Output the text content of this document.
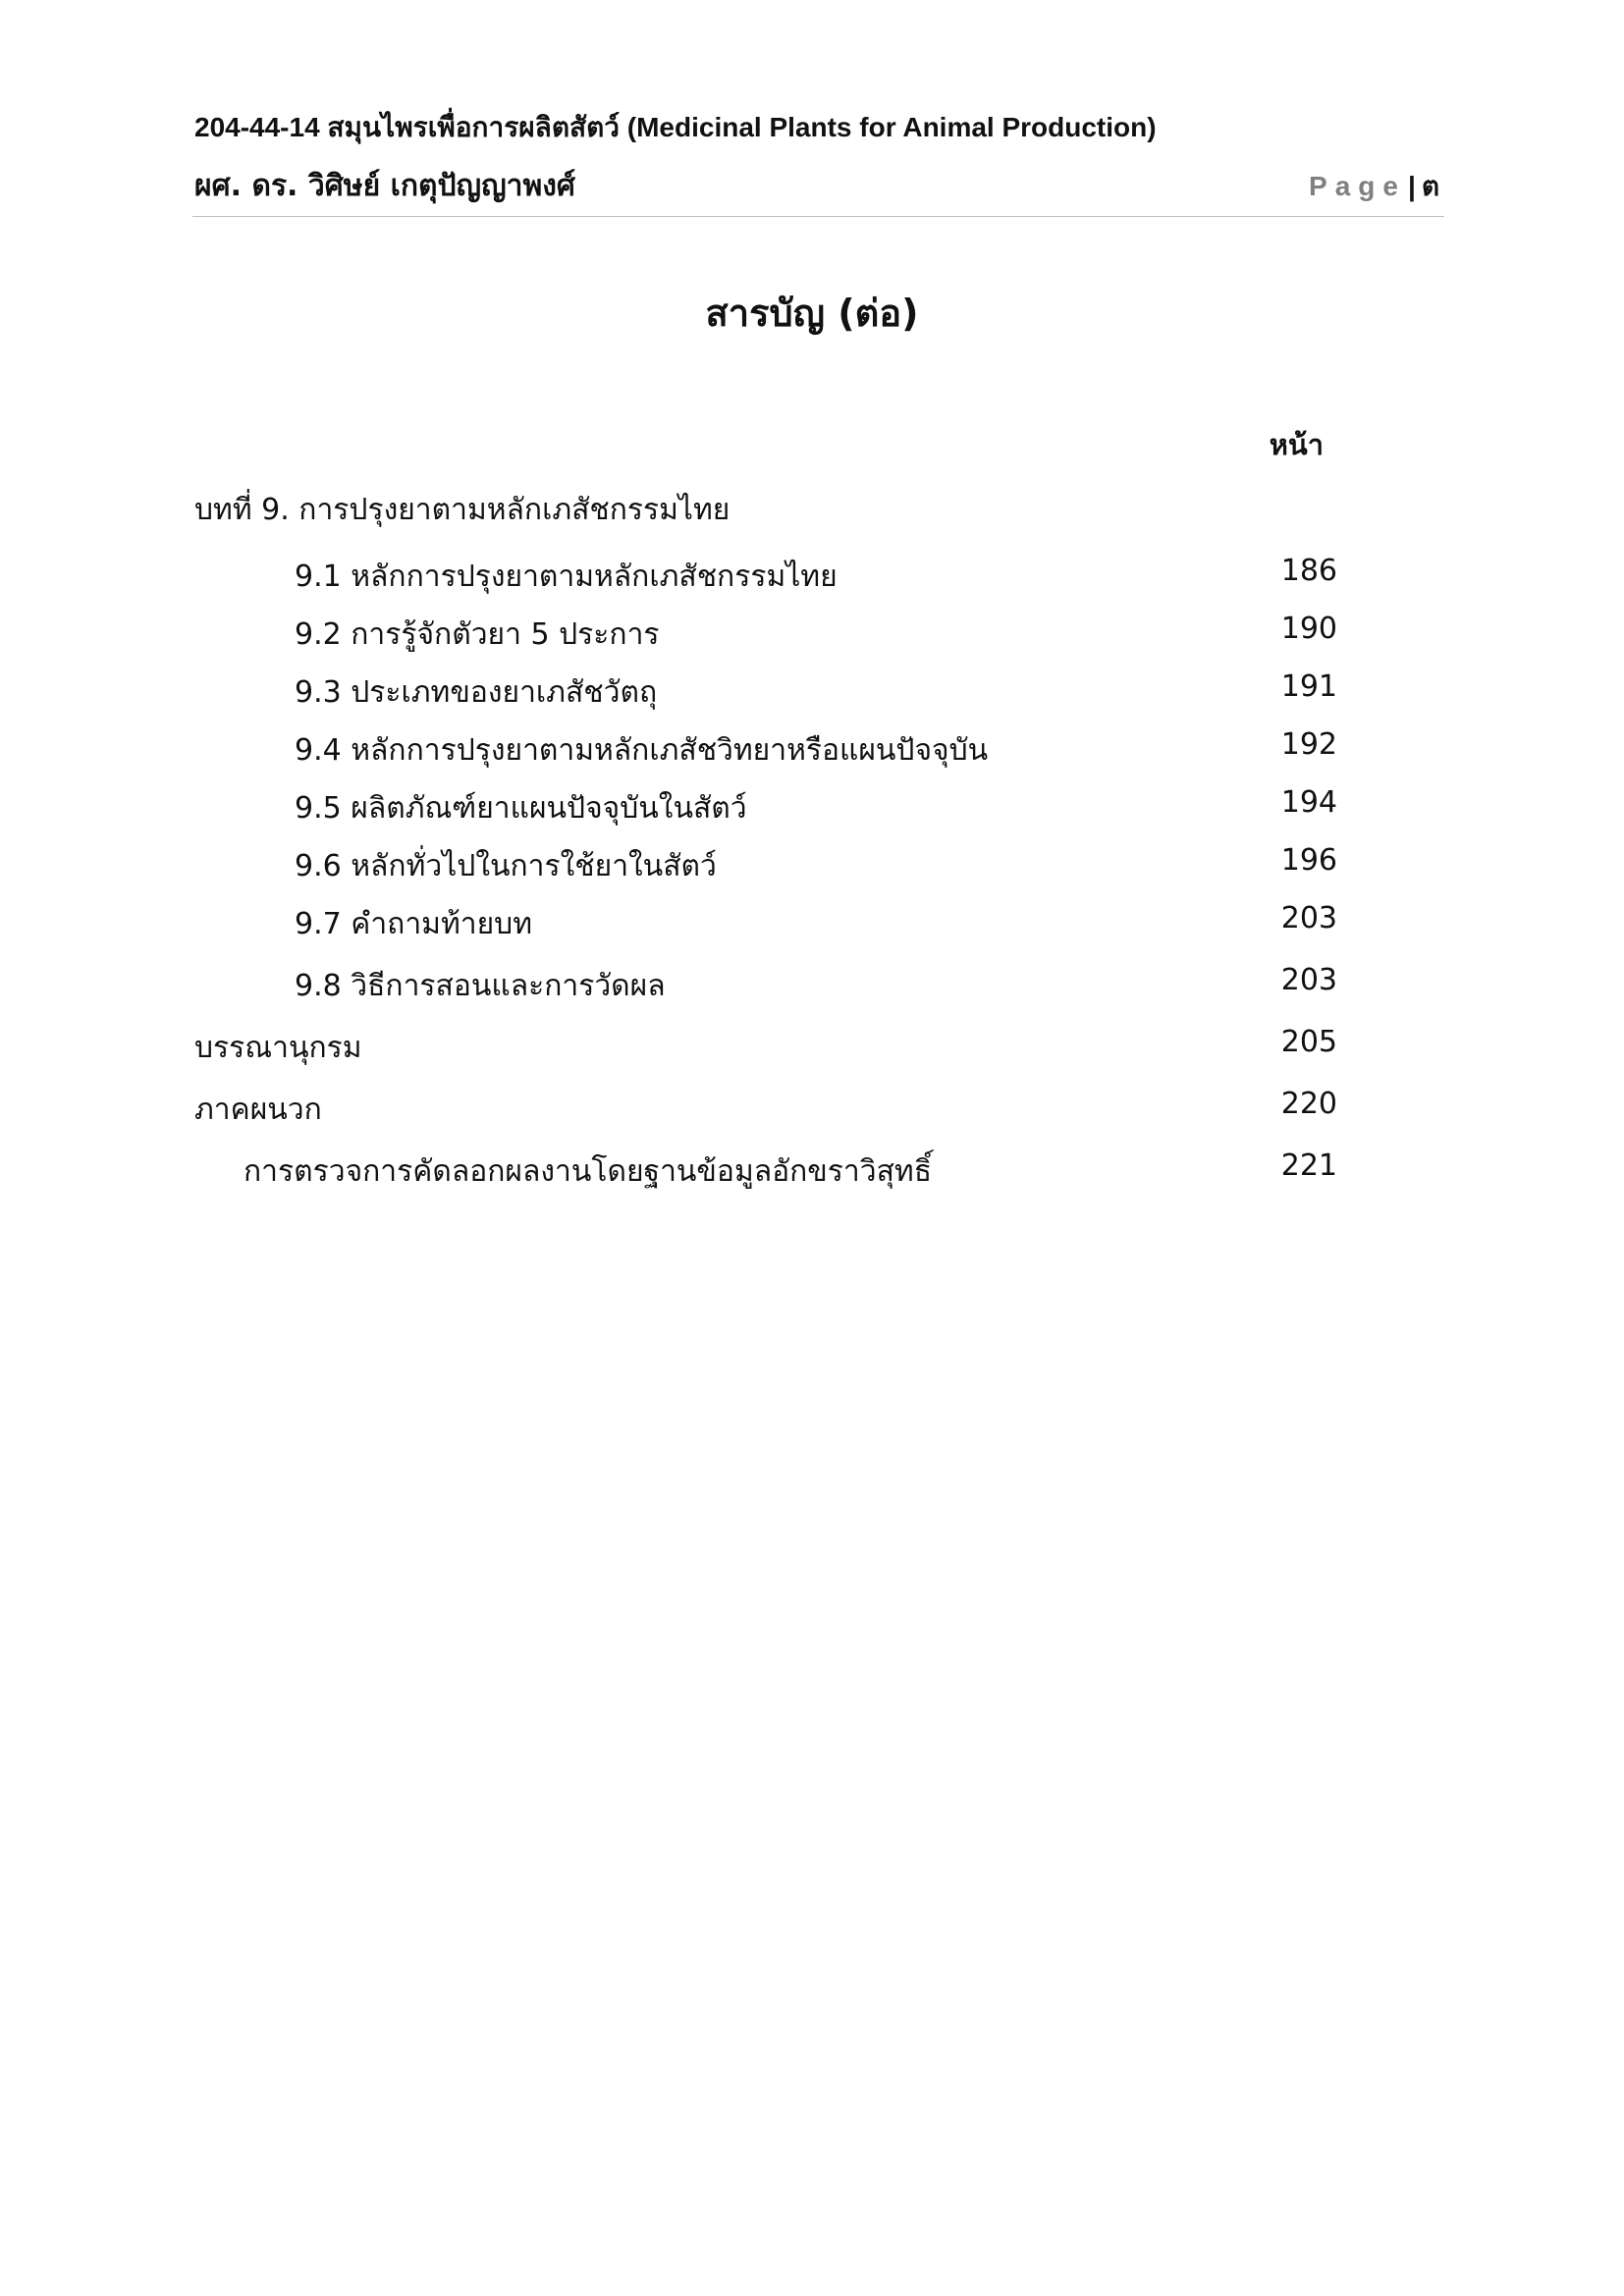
204-44-14 สมุนไพรเพื่อการผลิตสัตว์ (Medicinal Plants for Animal Production)
ผศ. ดร. วิศิษย์ เกตุปัญญาพงศ์	Page| ต
สารบัญ (ต่อ)
หน้า
บทที่ 9. การปรุงยาตามหลักเภสัชกรรมไทย
9.1 หลักการปรุงยาตามหลักเภสัชกรรมไทย	186
9.2 การรู้จักตัวยา 5 ประการ	190
9.3 ประเภทของยาเภสัชวัตถุ	191
9.4 หลักการปรุงยาตามหลักเภสัชวิทยาหรือแผนปัจจุบัน	192
9.5 ผลิตภัณฑ์ยาแผนปัจจุบันในสัตว์	194
9.6 หลักทั่วไปในการใช้ยาในสัตว์	196
9.7 คำถามท้ายบท	203
9.8 วิธีการสอนและการวัดผล	203
บรรณานุกรม	205
ภาคผนวก	220
การตรวจการคัดลอกผลงานโดยฐานข้อมูลอักขราวิสุทธิ์	221
